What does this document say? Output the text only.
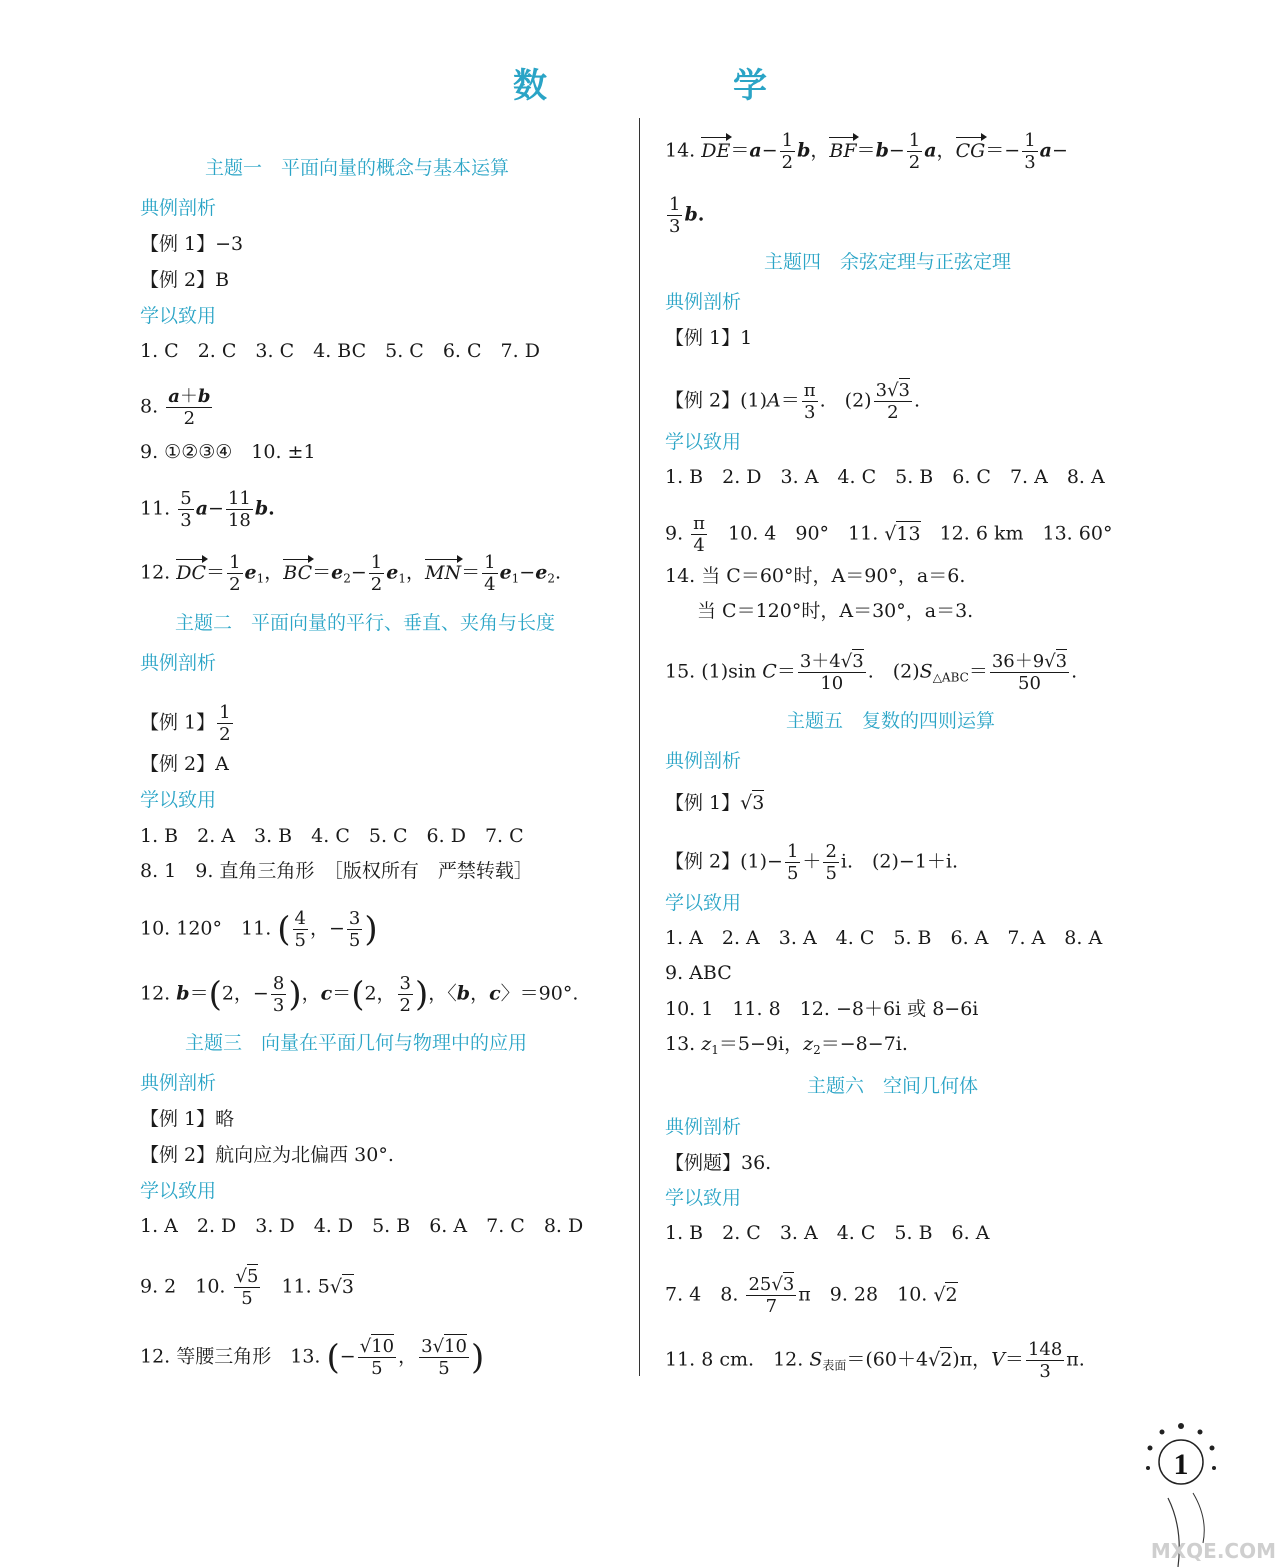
数　学
主题一　平面向量的概念与基本运算
典例剖析
【例 1】−3
【例 2】B
学以致用
1. C　2. C　3. C　4. BC　5. C　6. C　7. D
8. $\frac{a+b}{2}$
9. ①②③④　10. ±1
11. $\frac{5}{3} a- \frac{11}{18} b$.
12. $DC= \frac{1}{2} e_1$，$BC=e_2- \frac{1}{2} e_1$，$MN= \frac{1}{4} e_1-e_2$.
主题二　平面向量的平行、垂直、夹角与长度
典例剖析
【例 1】 $\frac{1}{2}$
【例 2】A
学以致用
1. B　2. A　3. B　4. C　5. C　6. D　7. C
8. 1　9. 直角三角形　［版权所有　严禁转载］
10. 120°　11. ( $\frac{4}{5}$ ，− $\frac{3}{5}$ )
12. b＝(2，− $\frac{8}{3}$ )，c＝(2， $\frac{3}{2}$ )，〈b，c〉＝90°.
主题三　向量在平面几何与物理中的应用
典例剖析
【例 1】略
【例 2】航向应为北偏西 30°.
学以致用
1. A　2. D　3. D　4. D　5. B　6. A　7. C　8. D
9. 2　10. $\frac{√5}{5}$ 　11. 5√3
12. 等腰三角形　13. (− $\frac{√10}{5}$ ， $\frac{3√10}{5}$ )
14. $DE=a- \frac{1}{2}$ b，$BF=b- \frac{1}{2}$ a，$CG=- \frac{1}{3} a-$
$\frac{1}{3} b$.
主题四　余弦定理与正弦定理
典例剖析
【例 1】1
【例 2】$(1)A= \frac{\pi}{3}$ .　$(2) \frac{3√3}{2}$ .
学以致用
1. B　2. D　3. A　4. C　5. B　6. C　7. A　8. A
9. $\frac{\pi}{4}$ 　10. 4　90°　11. √13　12. 6 km　13. 60°
14. 当 C＝60°时，A＝90°，a＝6.
当 C＝120°时，A＝30°，a＝3.
15. (1)sin $C= \frac{3+4√3}{10}$ .　$(2)S_{\triangle ABC}= \frac{36+9√3}{50}$ .
主题五　复数的四则运算
典例剖析
【例 1】√3
【例 2】$(1)- \frac{1}{5} + \frac{2}{5} i$.　(2)−1＋i.
学以致用
1. A　2. A　3. A　4. C　5. B　6. A　7. A　8. A
9. ABC
10. 1　11. 8　12. −8＋6i 或 8−6i
13. $z_1=5-9i$，$z_2=-8-7i$.
主题六　空间几何体
典例剖析
【例题】36.
学以致用
1. B　2. C　3. A　4. C　5. B　6. A
7. 4　8. $\frac{25√3}{7}$ π　9. 28　10. √2
11. 8 cm.　12. $S_{表面}=(60+4√2)\pi$，$V= \frac{148}{3} \pi$.
1
MXQE.COM
